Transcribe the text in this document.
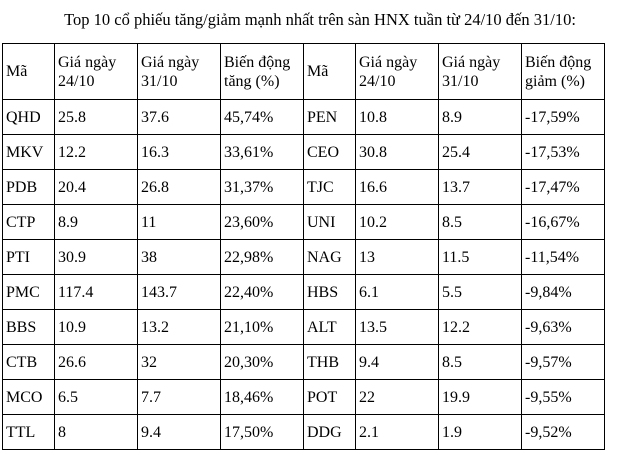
Top 10 cổ phiếu tăng/giảm mạnh nhất trên sàn HNX tuần từ 24/10 đến 31/10:
Mã	Giá ngày 24/10	Giá ngày 31/10	Biến động tăng (%)	Mã	Giá ngày 24/10	Giá ngày 31/10	Biến động giảm (%)
QHD	25.8	37.6	45,74%	PEN	10.8	8.9	-17,59%
MKV	12.2	16.3	33,61%	CEO	30.8	25.4	-17,53%
PDB	20.4	26.8	31,37%	TJC	16.6	13.7	-17,47%
CTP	8.9	11	23,60%	UNI	10.2	8.5	-16,67%
PTI	30.9	38	22,98%	NAG	13	11.5	-11,54%
PMC	117.4	143.7	22,40%	HBS	6.1	5.5	-9,84%
BBS	10.9	13.2	21,10%	ALT	13.5	12.2	-9,63%
CTB	26.6	32	20,30%	THB	9.4	8.5	-9,57%
MCO	6.5	7.7	18,46%	POT	22	19.9	-9,55%
TTL	8	9.4	17,50%	DDG	2.1	1.9	-9,52%
